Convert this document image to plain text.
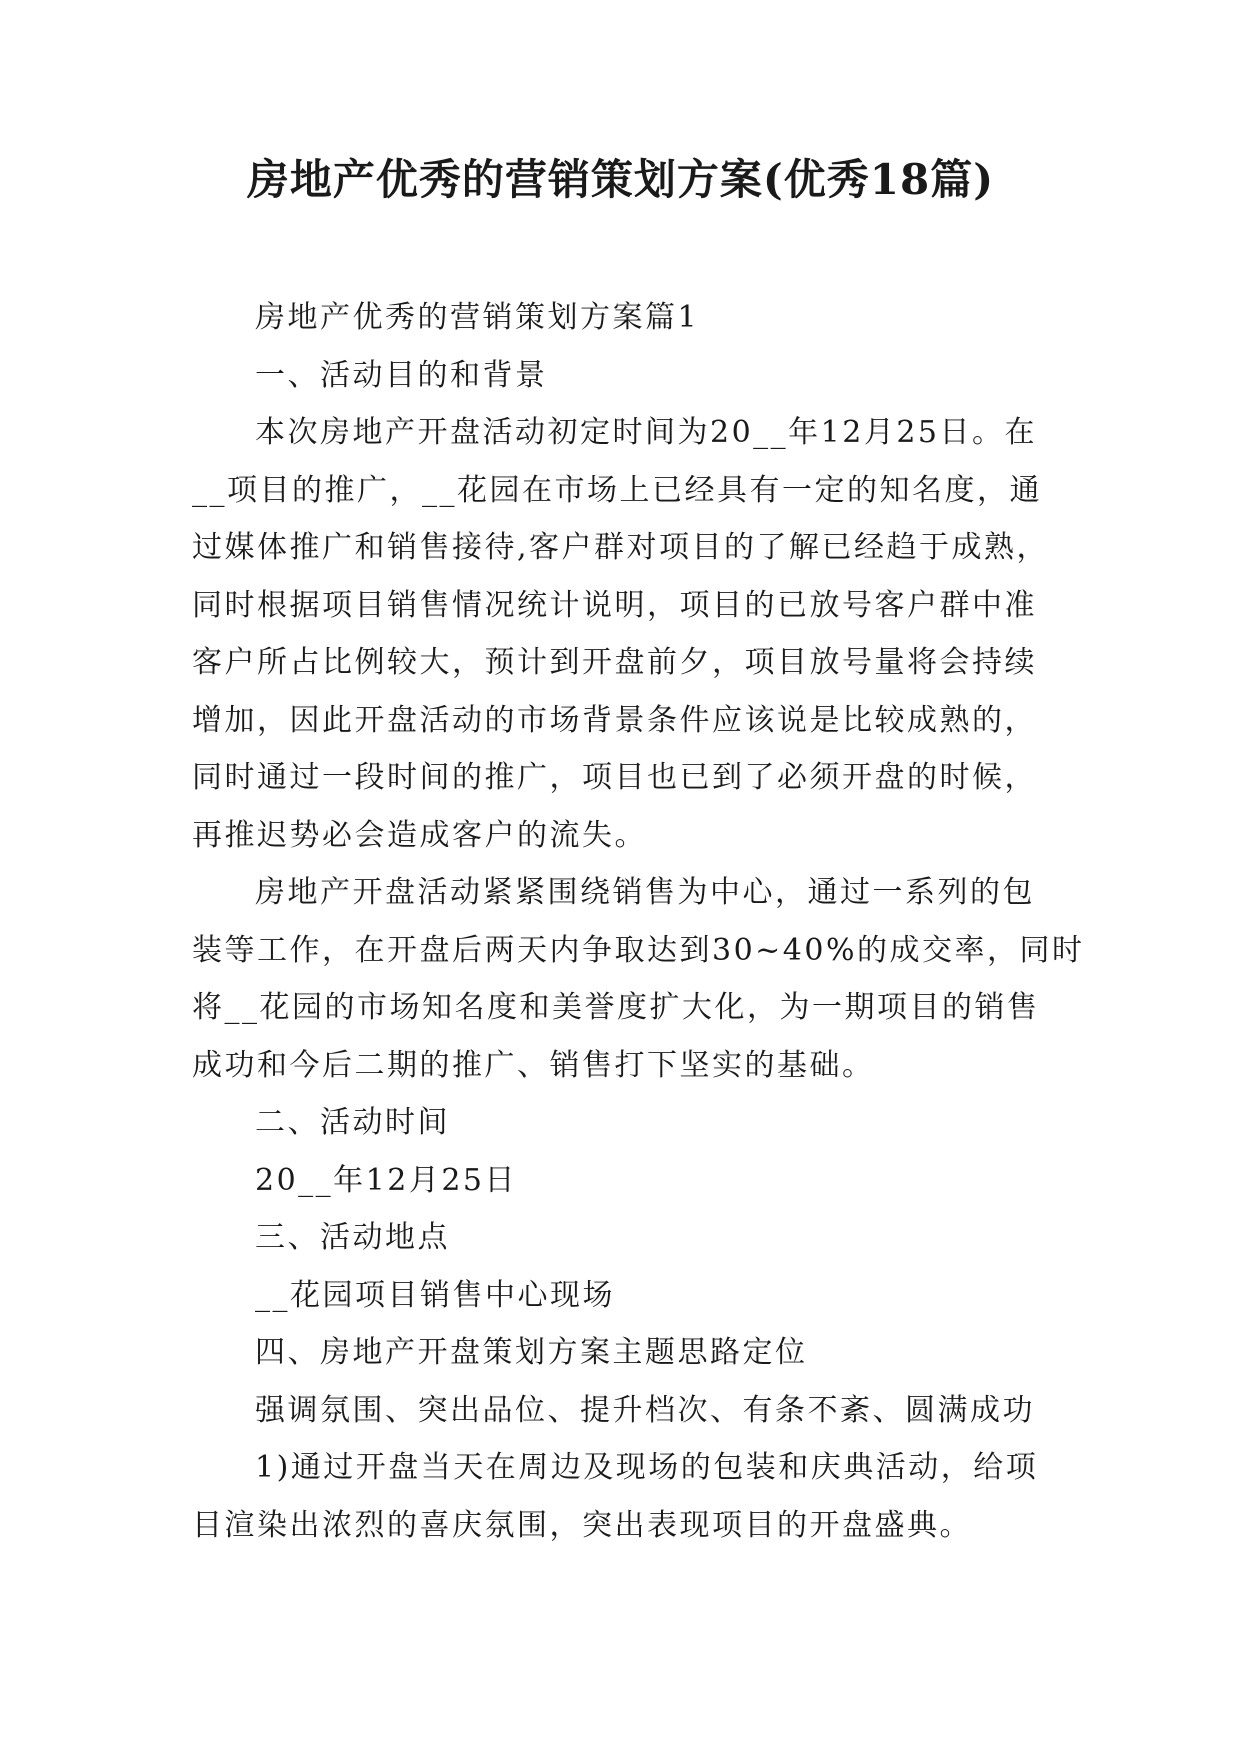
房地产优秀的营销策划方案(优秀18篇)
房地产优秀的营销策划方案篇1
一、活动目的和背景
本次房地产开盘活动初定时间为20__年12月25日。在
__项目的推广，__花园在市场上已经具有一定的知名度，通
过媒体推广和销售接待,客户群对项目的了解已经趋于成熟，
同时根据项目销售情况统计说明，项目的已放号客户群中准
客户所占比例较大，预计到开盘前夕，项目放号量将会持续
增加，因此开盘活动的市场背景条件应该说是比较成熟的，
同时通过一段时间的推广，项目也已到了必须开盘的时候，
再推迟势必会造成客户的流失。
房地产开盘活动紧紧围绕销售为中心，通过一系列的包
装等工作，在开盘后两天内争取达到30~40%的成交率，同时
将__花园的市场知名度和美誉度扩大化，为一期项目的销售
成功和今后二期的推广、销售打下坚实的基础。
二、活动时间
20__年12月25日
三、活动地点
__花园项目销售中心现场
四、房地产开盘策划方案主题思路定位
强调氛围、突出品位、提升档次、有条不紊、圆满成功
1)通过开盘当天在周边及现场的包装和庆典活动，给项
目渲染出浓烈的喜庆氛围，突出表现项目的开盘盛典。
